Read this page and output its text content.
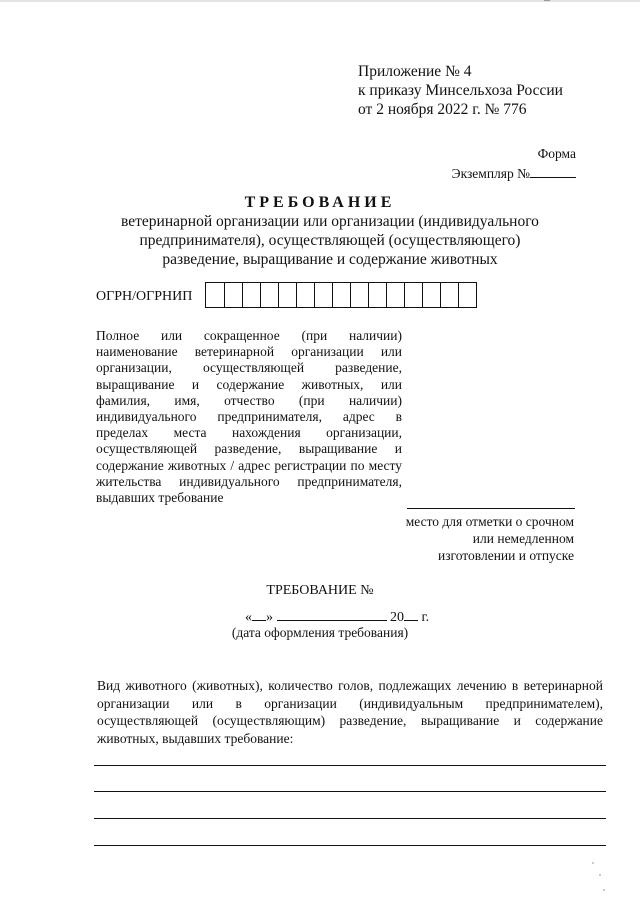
Приложение № 4
к приказу Минсельхоза России
от 2 ноября 2022 г. № 776
Форма
Экземпляр №
ТРЕБОВАНИЕ
ветеринарной организации или организации (индивидуального предпринимателя), осуществляющей (осуществляющего) разведение, выращивание и содержание животных
ОГРН/ОГРНИП
Полное или сокращенное (при наличии) наименование ветеринарной организации или организации, осуществляющей разведение, выращивание и содержание животных, или фамилия, имя, отчество (при наличии) индивидуального предпринимателя, адрес в пределах места нахождения организации, осуществляющей разведение, выращивание и содержание животных / адрес регистрации по месту жительства индивидуального предпринимателя, выдавших требование
место для отметки о срочном
или немедленном
изготовлении и отпуске
ТРЕБОВАНИЕ №
« »	20 г.
(дата оформления требования)
Вид животного (животных), количество голов, подлежащих лечению в ветеринарной организации или в организации (индивидуальным предпринимателем), осуществляющей (осуществляющим) разведение, выращивание и содержание животных, выдавших требование:
